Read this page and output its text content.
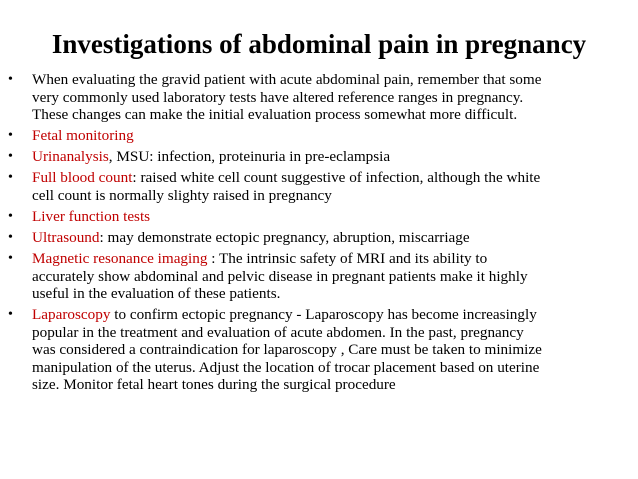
Investigations of abdominal pain in pregnancy
• When evaluating the gravid patient with acute abdominal pain, remember that some
very commonly used laboratory tests have altered reference ranges in pregnancy.
These changes can make the initial evaluation process somewhat more difficult.
• Fetal monitoring
• Urinanalysis, MSU: infection, proteinuria in pre-eclampsia
• Full blood count: raised white cell count suggestive of infection, although the white
cell count is normally slighty raised in pregnancy
• Liver function tests
• Ultrasound: may demonstrate ectopic pregnancy, abruption, miscarriage
• Magnetic resonance imaging : The intrinsic safety of MRI and its ability to
accurately show abdominal and pelvic disease in pregnant patients make it highly
useful in the evaluation of these patients.
• Laparoscopy to confirm ectopic pregnancy - Laparoscopy has become increasingly
popular in the treatment and evaluation of acute abdomen. In the past, pregnancy
was considered a contraindication for laparoscopy , Care must be taken to minimize
manipulation of the uterus. Adjust the location of trocar placement based on uterine
size. Monitor fetal heart tones during the surgical procedure
